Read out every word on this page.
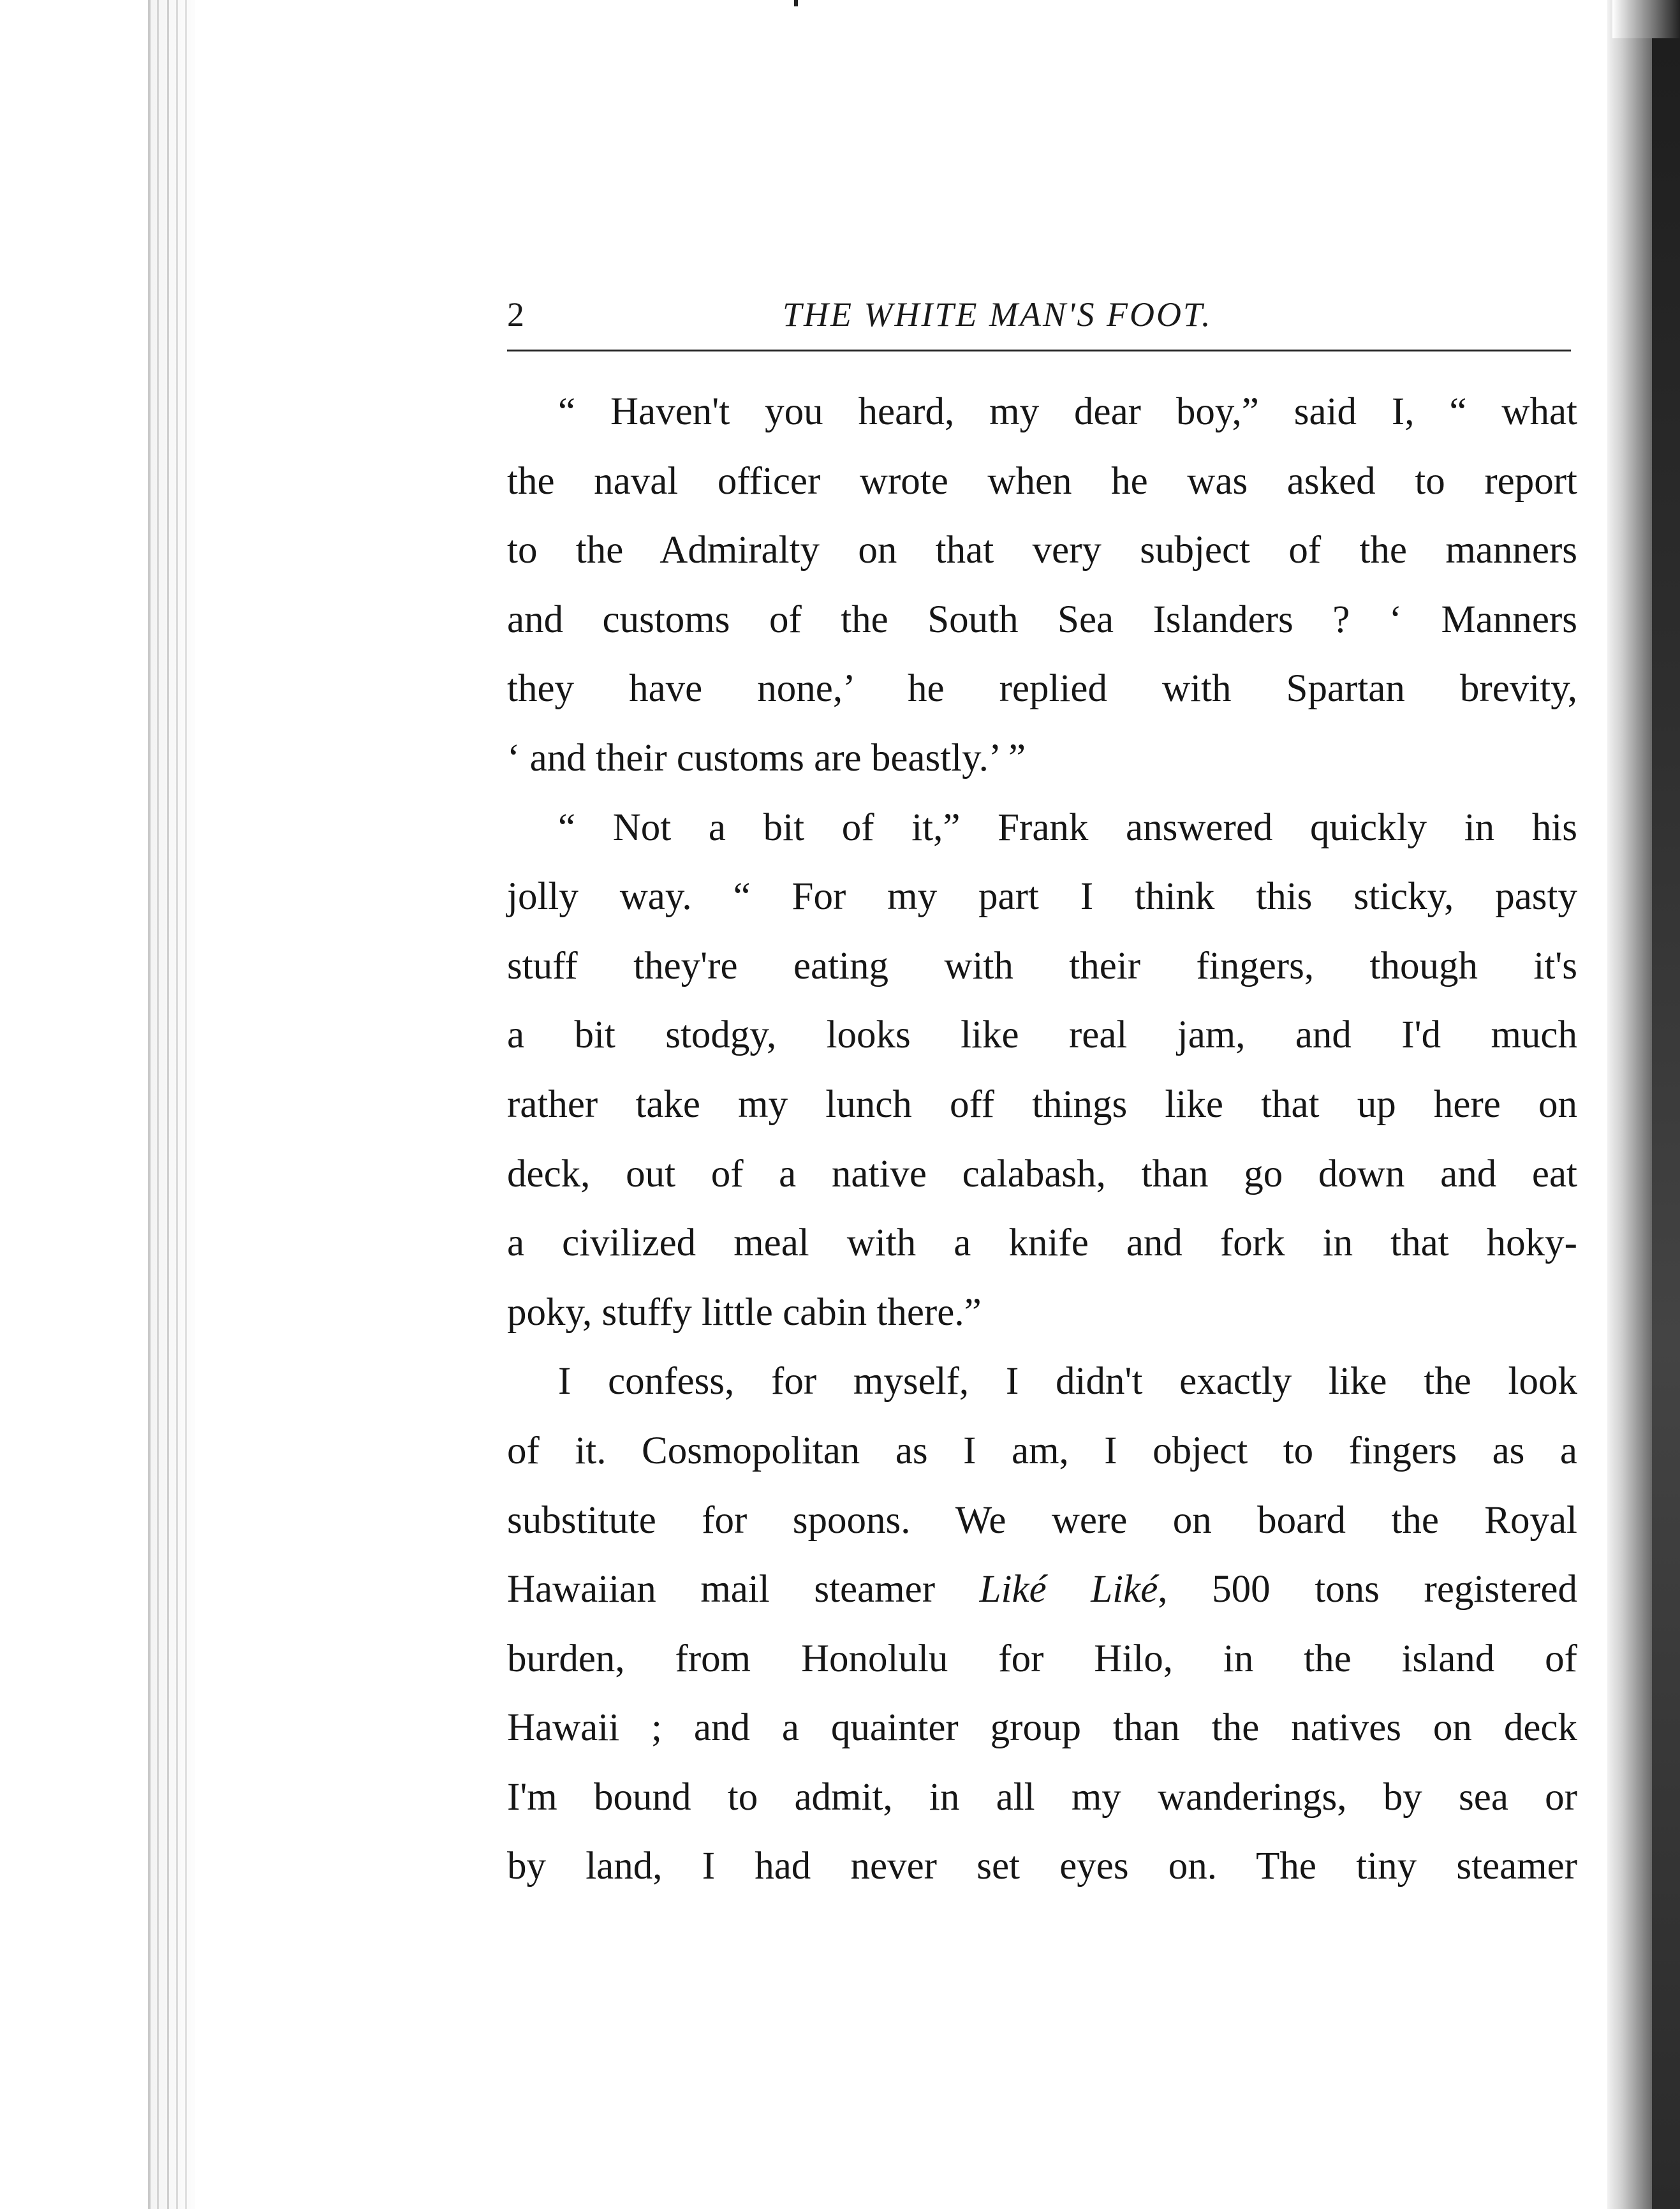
2	THE WHITE MAN'S FOOT.
“ Haven't you heard, my dear boy,” said I, “ what
the naval officer wrote when he was asked to report
to the Admiralty on that very subject of the manners
and customs of the South Sea Islanders ? ‘ Manners
they have none,’ he replied with Spartan brevity,
‘ and their customs are beastly.’ ”
“ Not a bit of it,” Frank answered quickly in his
jolly way. “ For my part I think this sticky, pasty
stuff they're eating with their fingers, though it's
a bit stodgy, looks like real jam, and I'd much
rather take my lunch off things like that up here on
deck, out of a native calabash, than go down and eat
a civilized meal with a knife and fork in that hoky-
poky, stuffy little cabin there.”
I confess, for myself, I didn't exactly like the look
of it. Cosmopolitan as I am, I object to fingers as a
substitute for spoons. We were on board the Royal
Hawaiian mail steamer Liké Liké, 500 tons registered
burden, from Honolulu for Hilo, in the island of
Hawaii ; and a quainter group than the natives on deck
I'm bound to admit, in all my wanderings, by sea or
by land, I had never set eyes on. The tiny steamer
